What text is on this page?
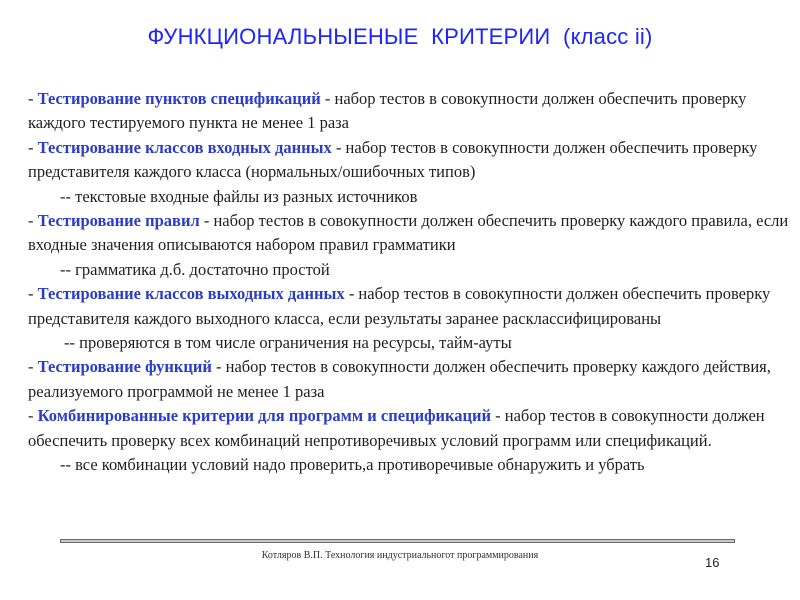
ФУНКЦИОНАЛЬНЫЕНЫЕ  КРИТЕРИИ  (класс ii)

- Тестирование пунктов спецификаций - набор тестов в совокупности должен обеспечить проверку каждого тестируемого пункта не менее 1 раза

- Тестирование классов входных данных - набор тестов в совокупности должен обеспечить проверку представителя каждого класса (нормальных/ошибочных типов)

-- текстовые входные файлы из разных источников

- Тестирование правил - набор тестов в совокупности должен обеспечить проверку каждого правила, если входные значения описываются набором правил грамматики

-- грамматика д.б. достаточно простой

- Тестирование классов выходных данных - набор тестов в совокупности должен обеспечить проверку представителя каждого выходного класса, если результаты заранее расклассифицированы

-- проверяются в том числе ограничения на ресурсы, тайм-ауты

- Тестирование функций - набор тестов в совокупности должен обеспечить проверку каждого действия, реализуемого программой не менее 1 раза

- Комбинированные критерии для программ и спецификаций - набор тестов в совокупности должен обеспечить проверку всех комбинаций непротиворечивых условий программ или спецификаций.

-- все комбинации условий надо проверить,а противоречивые обнаружить и убрать

Котляров В.П. Технология индустриальногот программирования	16
